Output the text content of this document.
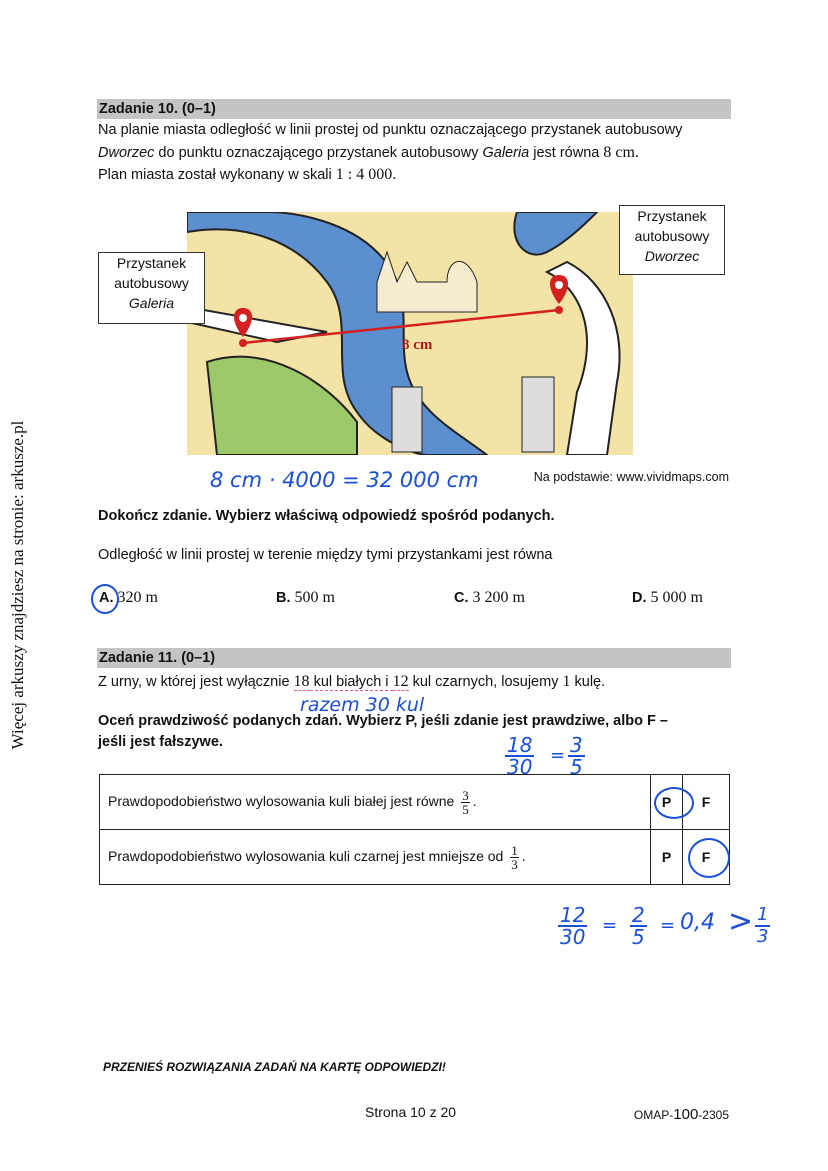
Więcej arkuszy znajdziesz na stronie: arkusze.pl
Zadanie 10. (0–1)
Na planie miasta odległość w linii prostej od punktu oznaczającego przystanek autobusowy
Dworzec do punktu oznaczającego przystanek autobusowy Galeria jest równa 8 cm.
Plan miasta został wykonany w skali 1 : 4 000.
8 cm
Przystanek
autobusowy
Galeria
Przystanek
autobusowy
Dworzec
Na podstawie: www.vividmaps.com
8 cm · 4000 = 32 000 cm
Dokończ zdanie. Wybierz właściwą odpowiedź spośród podanych.
Odległość w linii prostej w terenie między tymi przystankami jest równa
A. 320 m	B. 500 m	C. 3 200 m	D. 5 000 m
Zadanie 11. (0–1)
Z urny, w której jest wyłącznie 18 kul białych i 12 kul czarnych, losujemy 1 kulę.
razem 30 kul
Oceń prawdziwość podanych zdań. Wybierz P, jeśli zdanie jest prawdziwe, albo F –
jeśli jest fałszywe.	18
30 = 3
5
Prawdopodobieństwo wylosowania kuli białej jest równe $\frac{3}{5}$ .	P	F
Prawdopodobieństwo wylosowania kuli czarnej jest mniejsze od $\frac{1}{3}$ .	P	F
12
30 = 2
5 = 0,4 > 1
3
PRZENIEŚ ROZWIĄZANIA ZADAŃ NA KARTĘ ODPOWIEDZI!
Strona 10 z 20	OMAP-100-2305
